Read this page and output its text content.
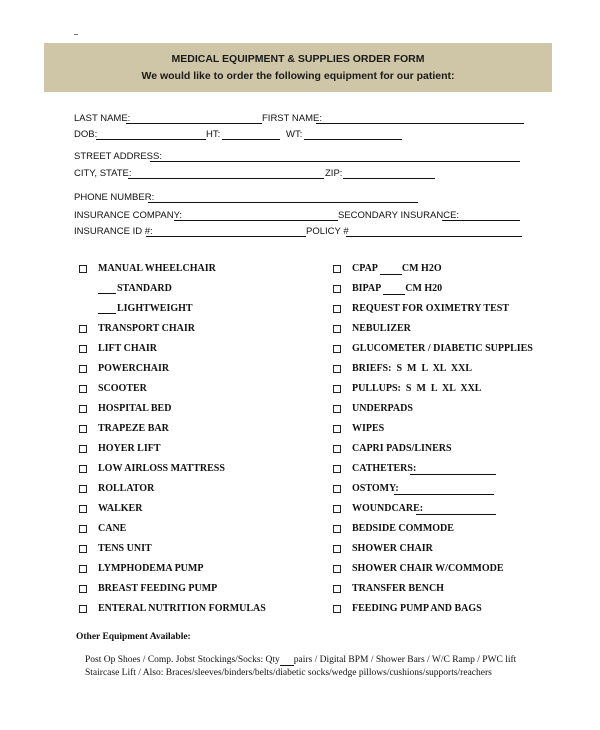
MEDICAL EQUIPMENT & SUPPLIES ORDER FORM
We would like to order the following equipment for our patient:
LAST NAME:	FIRST NAME:
DOB:	HT:	WT:
STREET ADDRESS:
CITY, STATE:	ZIP:
PHONE NUMBER:
INSURANCE COMPANY:	SECONDARY INSURANCE:
INSURANCE ID #:	POLICY #
MANUAL WHEELCHAIR
STANDARD
LIGHTWEIGHT
TRANSPORT CHAIR
LIFT CHAIR
POWERCHAIR
SCOOTER
HOSPITAL BED
TRAPEZE BAR
HOYER LIFT
LOW AIRLOSS MATTRESS
ROLLATOR
WALKER
CANE
TENS UNIT
LYMPHODEMA PUMP
BREAST FEEDING PUMP
ENTERAL NUTRITION FORMULAS
CPAP CM H2O
BIPAP CM H20
REQUEST FOR OXIMETRY TEST
NEBULIZER
GLUCOMETER / DIABETIC SUPPLIES
BRIEFS:  S  M  L  XL  XXL
PULLUPS:  S  M  L  XL  XXL
UNDERPADS
WIPES
CAPRI PADS/LINERS
CATHETERS:
OSTOMY:
WOUNDCARE:
BEDSIDE COMMODE
SHOWER CHAIR
SHOWER CHAIR W/COMMODE
TRANSFER BENCH
FEEDING PUMP AND BAGS
Other Equipment Available:
Post Op Shoes / Comp. Jobst Stockings/Socks: Qty pairs / Digital BPM / Shower Bars / W/C Ramp / PWC lift
Staircase Lift / Also: Braces/sleeves/binders/belts/diabetic socks/wedge pillows/cushions/supports/reachers
